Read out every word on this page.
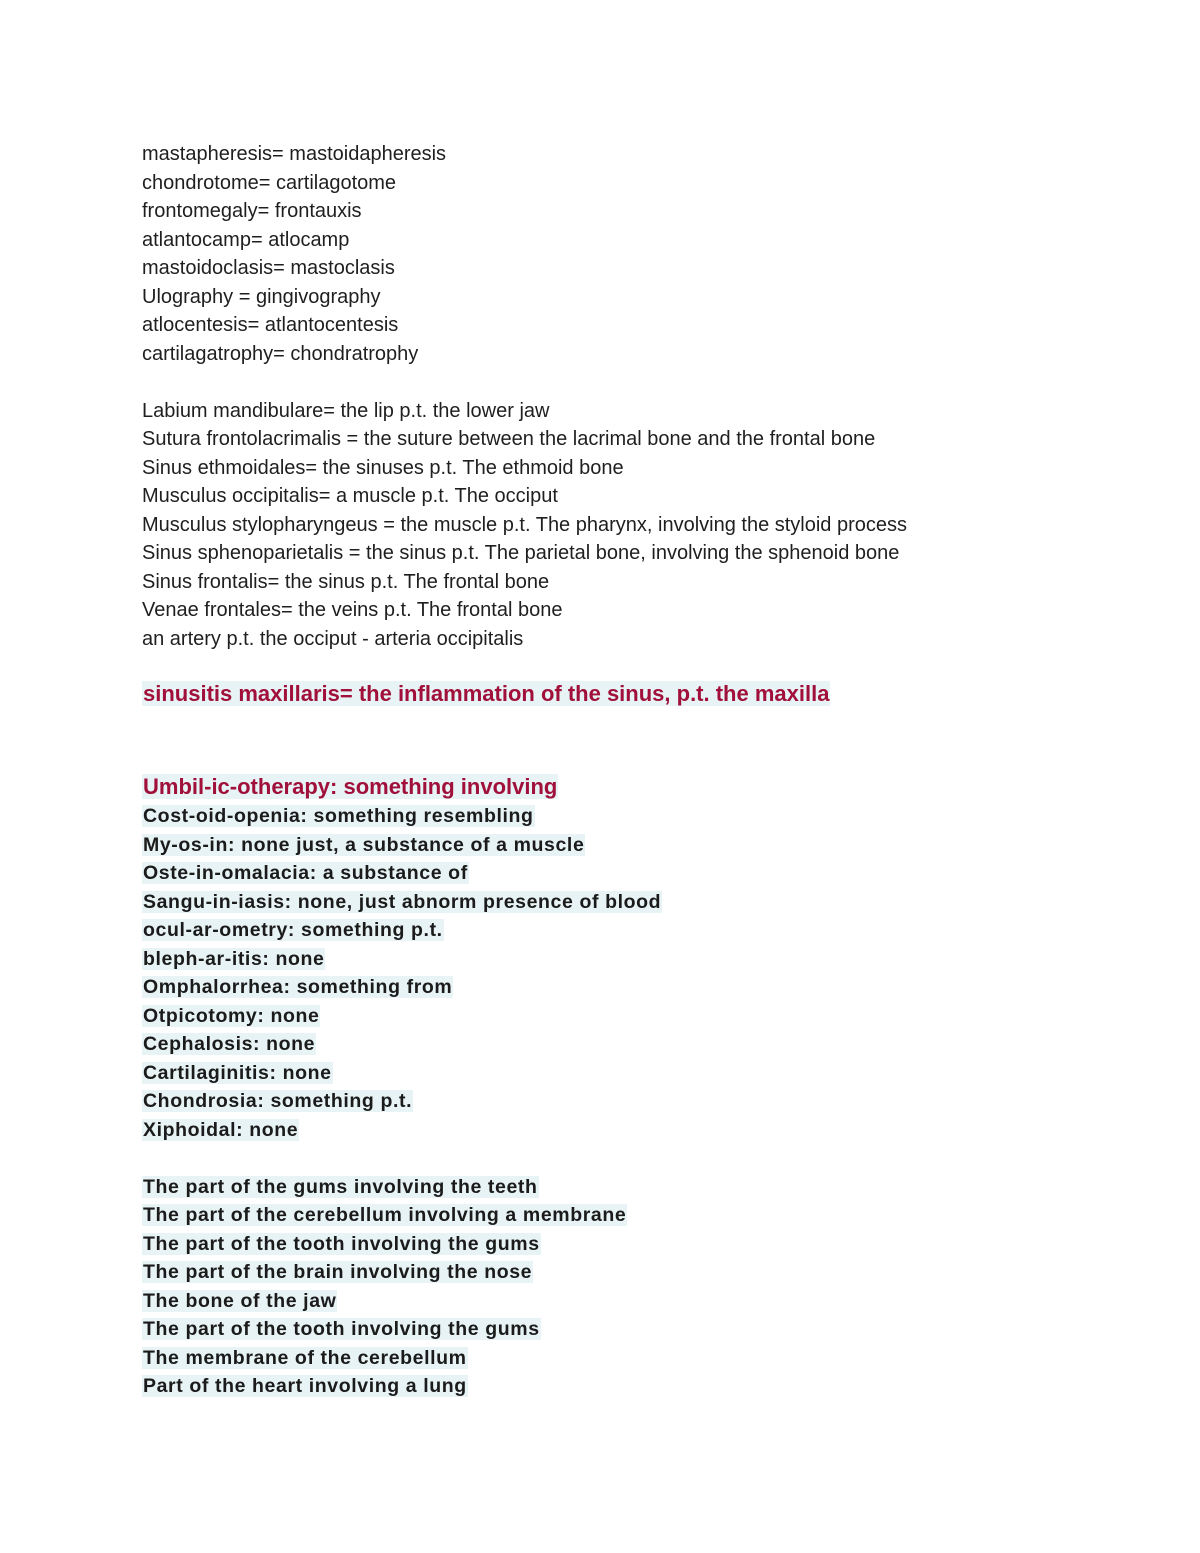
mastapheresis= mastoidapheresis

chondrotome= cartilagotome

frontomegaly= frontauxis

atlantocamp= atlocamp

mastoidoclasis= mastoclasis

Ulography = gingivography

atlocentesis= atlantocentesis

cartilagatrophy= chondratrophy

Labium mandibulare= the lip p.t. the lower jaw

Sutura frontolacrimalis = the suture between the lacrimal bone and the frontal bone

Sinus ethmoidales= the sinuses p.t. The ethmoid bone

Musculus occipitalis= a muscle p.t. The occiput

Musculus stylopharyngeus = the muscle p.t. The pharynx, involving the styloid process

Sinus sphenoparietalis = the sinus p.t. The parietal bone, involving the sphenoid bone

Sinus frontalis= the sinus p.t. The frontal bone

Venae frontales= the veins p.t. The frontal bone

an artery p.t. the occiput - arteria occipitalis

sinusitis maxillaris= the inflammation of the sinus, p.t. the maxilla

Umbil-ic-otherapy: something involving

Cost-oid-openia: something resembling

My-os-in: none just, a substance of a muscle

Oste-in-omalacia: a substance of

Sangu-in-iasis: none, just abnorm presence of blood

ocul-ar-ometry: something p.t.

bleph-ar-itis: none

Omphalorrhea: something from

Otpicotomy: none

Cephalosis: none

Cartilaginitis: none

Chondrosia: something p.t.

Xiphoidal: none

The part of the gums involving the teeth

The part of the cerebellum involving a membrane

The part of the tooth involving the gums

The part of the brain involving the nose

The bone of the jaw

The part of the tooth involving the gums

The membrane of the cerebellum

Part of the heart involving a lung
